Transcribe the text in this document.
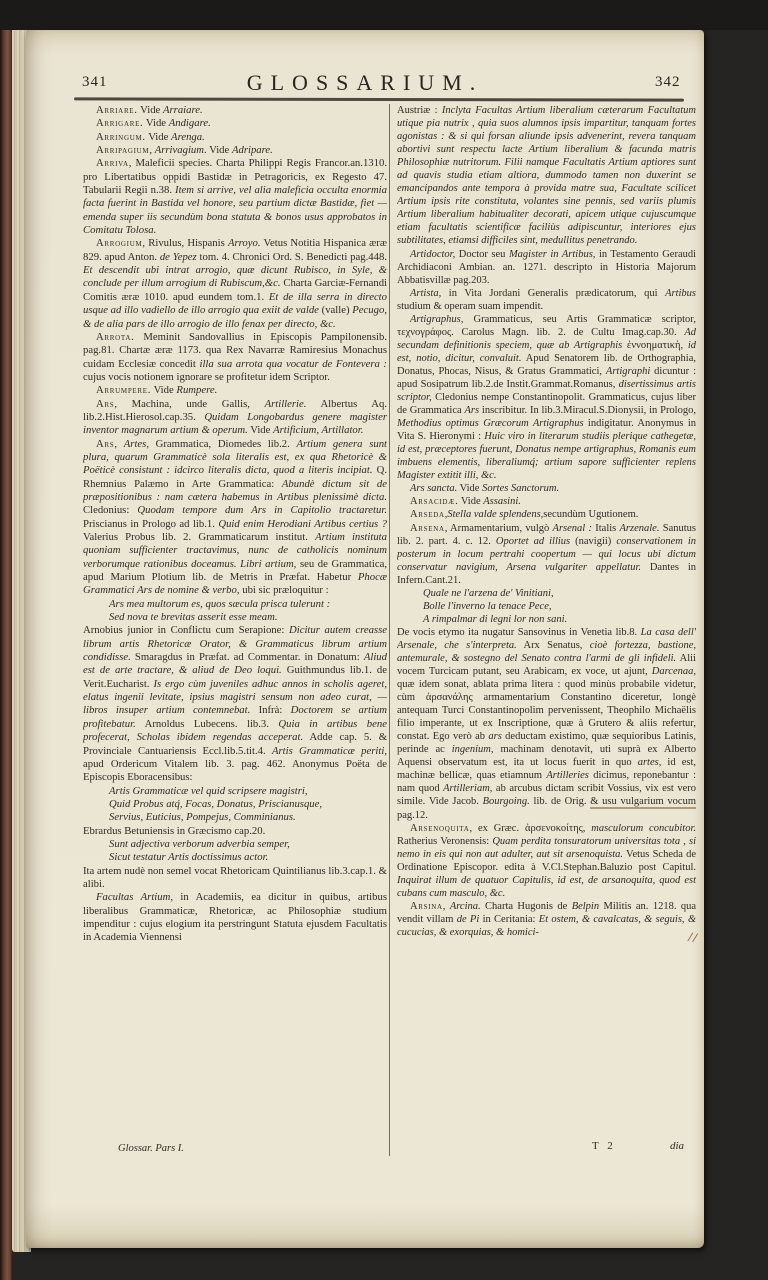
341	GLOSSARIUM.	342

Arriare. Vide Arraiare.

Arrigare. Vide Andigare.

Arringum. Vide Arenga.

Arripagium, Arrivagium. Vide Adripare.

Arriva, Maleficii species. Charta Philippi Regis Francor.an.1310. pro Libertatibus oppidi Bastidæ in Petragoricis, ex Regesto 47. Tabularii Regii n.38. Item si arrive, vel alia maleficia occulta enormia facta fuerint in Bastida vel honore, seu partium dictæ Bastidæ, fiet — emenda super iis secundùm bona statuta & bonos usus approbatos in Comitatu Tolosa.

Arrogium, Rivulus, Hispanis Arroyo. Vetus Notitia Hispanica æræ 829. apud Anton. de Yepez tom. 4. Chronici Ord. S. Benedicti pag.448. Et descendit ubi intrat arrogio, quæ dicunt Rubisco, in Syle, & conclude per illum arrogium di Rubiscum,&c. Charta Garciæ-Fernandi Comitis æræ 1010. apud eundem tom.1. Et de illa serra in directo usque ad illo vadiello de illo arrogio qua exiit de valde (valle) Pecugo, & de alia pars de illo arrogio de illo fenax per directo, &c.

Arrota. Meminit Sandovallius in Episcopis Pampilonensib. pag.81. Chartæ æræ 1173. qua Rex Navarræ Ramiresius Monachus cuidam Ecclesiæ concedit illa sua arrota qua vocatur de Fontevera : cujus vocis notionem ignorare se profitetur idem Scriptor.

Arrumpere. Vide Rumpere.

Ars, Machina, unde Gallis, Artillerie. Albertus Aq. lib.2.Hist.Hierosol.cap.35. Quidam Longobardus genere magister inventor magnarum artium & operum. Vide Artificium, Artillator.

Ars, Artes, Grammatica, Diomedes lib.2. Artium genera sunt plura, quarum Grammaticè sola literalis est, ex qua Rhetoricè & Poëticè consistunt : idcirco literalis dicta, quod a literis incipiat. Q. Rhemnius Palæmo in Arte Grammatica: Abundè dictum sit de præpositionibus : nam cætera habemus in Artibus plenissimè dicta. Cledonius: Quodam tempore dum Ars in Capitolio tractaretur. Priscianus in Prologo ad lib.1. Quid enim Herodiani Artibus certius ? Valerius Probus lib. 2. Grammaticarum institut. Artium instituta quoniam sufficienter tractavimus, nunc de catholicis nominum verborumque rationibus doceamus. Libri artium, seu de Grammatica, apud Marium Plotium lib. de Metris in Præfat. Habetur Phocæ Grammatici Ars de nomine & verbo, ubi sic præloquitur :

Ars mea multorum es, quos sæcula prisca tulerunt :

Sed nova te brevitas asserit esse meam.

Arnobius junior in Conflictu cum Serapione: Dicitur autem creasse librum artis Rhetoricæ Orator, & Grammaticus librum artium condidisse. Smaragdus in Præfat. ad Commentar. in Donatum: Aliud est de arte tractare, & aliud de Deo loqui. Guithmundus lib.1. de Verit.Eucharist. Is ergo cùm juveniles adhuc annos in scholis ageret, elatus ingenii levitate, ipsius magistri sensum non adeo curat, — libros insuper artium contemnebat. Infrà: Doctorem se artium profitebatur. Arnoldus Lubecens. lib.3. Quia in artibus bene profecerat, Scholas ibidem regendas acceperat. Adde cap. 5. & Provinciale Cantuariensis Eccl.lib.5.tit.4. Artis Grammaticæ periti, apud Ordericum Vitalem lib. 3. pag. 462. Anonymus Poëta de Episcopis Eboracensibus:

Artis Grammaticæ vel quid scripsere magistri,

Quid Probus atq́, Focas, Donatus, Priscianusque,

Servius, Euticius, Pompejus, Comminianus.

Ebrardus Betuniensis in Græcismo cap.20.

Sunt adjectiva verborum adverbia semper,

Sicut testatur Artis doctissimus actor.

Ita artem nudè non semel vocat Rhetoricam Quintilianus lib.3.cap.1. & alibi.

Facultas Artium, in Academiis, ea dicitur in quibus, artibus liberalibus Grammaticæ, Rhetoricæ, ac Philosophiæ studium impenditur : cujus elogium ita perstringunt Statuta ejusdem Facultatis in Academia Viennensi

Austriæ : Inclyta Facultas Artium liberalium cæterarum Facultatum utique pia nutrix , quia suos alumnos ipsis impartitur, tanquam fortes agonistas : & si qui forsan aliunde ipsis advenerint, revera tanquam abortivi sunt respectu lacte Artium liberalium & facunda matris Philosophiæ nutritorum. Filii namque Facultatis Artium aptiores sunt ad quavis studia etiam altiora, dummodo tamen non duxerint se emancipandos ante tempora à provida matre sua, Facultate scilicet Artium ipsis rite constituta, volantes sine pennis, sed variis plumis Artium liberalium habitualiter decorati, apicem utique cujuscumque etiam facultatis scientificæ faciliùs adipiscuntur, interiores ejus subtilitates, etiamsi difficiles sint, medullitus penetrando.

Artidoctor, Doctor seu Magister in Artibus, in Testamento Geraudi Archidiaconi Ambian. an. 1271. descripto in Historia Majorum Abbatisvillæ pag.203.

Artista, in Vita Jordani Generalis prædicatorum, qui Artibus studium & operam suam impendit.

Artigraphus, Grammaticus, seu Artis Grammaticæ scriptor, τεχνογράφος. Carolus Magn. lib. 2. de Cultu Imag.cap.30. Ad secundam definitionis speciem, quæ ab Artigraphis ἐννοηματικὴ, id est, notio, dicitur, convaluit. Apud Senatorem lib. de Orthographia, Donatus, Phocas, Nisus, & Gratus Grammatici, Artigraphi dicuntur : apud Sosipatrum lib.2.de Instit.Grammat.Romanus, disertissimus artis scriptor, Cledonius nempe Constantinopolit. Grammaticus, cujus liber de Grammatica Ars inscribitur. In lib.3.Miracul.S.Dionysii, in Prologo, Methodius optimus Græcorum Artigraphus indigitatur. Anonymus in Vita S. Hieronymi : Huic viro in literarum studiis plerique cathegetæ, id est, præceptores fuerunt, Donatus nempe artigraphus, Romanis eum imbuens elementis, liberaliumq́; artium sapore sufficienter replens Magister extitit illi, &c.

Ars sancta. Vide Sortes Sanctorum.

Arsacidæ. Vide Assasini.

Arseda,Stella valde splendens,secundùm Ugutionem.

Arsena, Armamentarium, vulgò Arsenal : Italis Arzenale. Sanutus lib. 2. part. 4. c. 12. Oportet ad illius (navigii) conservationem in posterum in locum pertrahi coopertum — qui locus ubi dictum conservatur navigium, Arsena vulgariter appellatur. Dantes in Infern.Cant.21.

Quale ne l'arzena de' Vinitiani,

Bolle l'inverno la tenace Pece,

A rimpalmar di legni lor non sani.

De vocis etymo ita nugatur Sansovinus in Venetia lib.8. La casa dell' Arsenale, che s'interpreta. Arx Senatus, cioè fortezza, bastione, antemurale, & sostegno del Senato contra l'armi de gli infideli. Alii vocem Turcicam putant, seu Arabicam, ex voce, ut ajunt, Darcenaa, quæ idem sonat, ablata prima litera : quod minùs probabile videtur, cùm ἀρσανάλης armamentarium Constantino diceretur, longè antequam Turci Constantinopolim pervenissent, Theophilo Michaëlis filio imperante, ut ex Inscriptione, quæ à Grutero & aliis refertur, constat. Ego verò ab ars deductam existimo, quæ sequioribus Latinis, perinde ac ingenium, machinam denotavit, uti suprà ex Alberto Aquensi observatum est, ita ut locus fuerit in quo artes, id est, machinæ bellicæ, quas etiamnum Artilleries dicimus, reponebantur : nam quod Artilleriam, ab arcubus dictam scribit Vossius, vix est vero simile. Vide Jacob. Bourgoing. lib. de Orig. & usu vulgarium vocum pag.12.

Arsenoquita, ex Græc. ἀρσενοκοίτης, masculorum concubitor. Ratherius Veronensis: Quam perdita tonsuratorum universitas tota , si nemo in eis qui non aut adulter, aut sit arsenoquista. Vetus Scheda de Ordinatione Episcopor. edita à V.Cl.Stephan.Baluzio post Capitul. Inquirat illum de quatuor Capitulis, id est, de arsanoquita, quod est cubans cum masculo, &c.

Arsina, Arcina. Charta Hugonis de Belpin Militis an. 1218. qua vendit villam de Pi in Ceritania: Et ostem, & cavalcatas, & seguis, & cucucias, & exorquias, & homici-

Glossar. Pars I.	T 2	dia
//
